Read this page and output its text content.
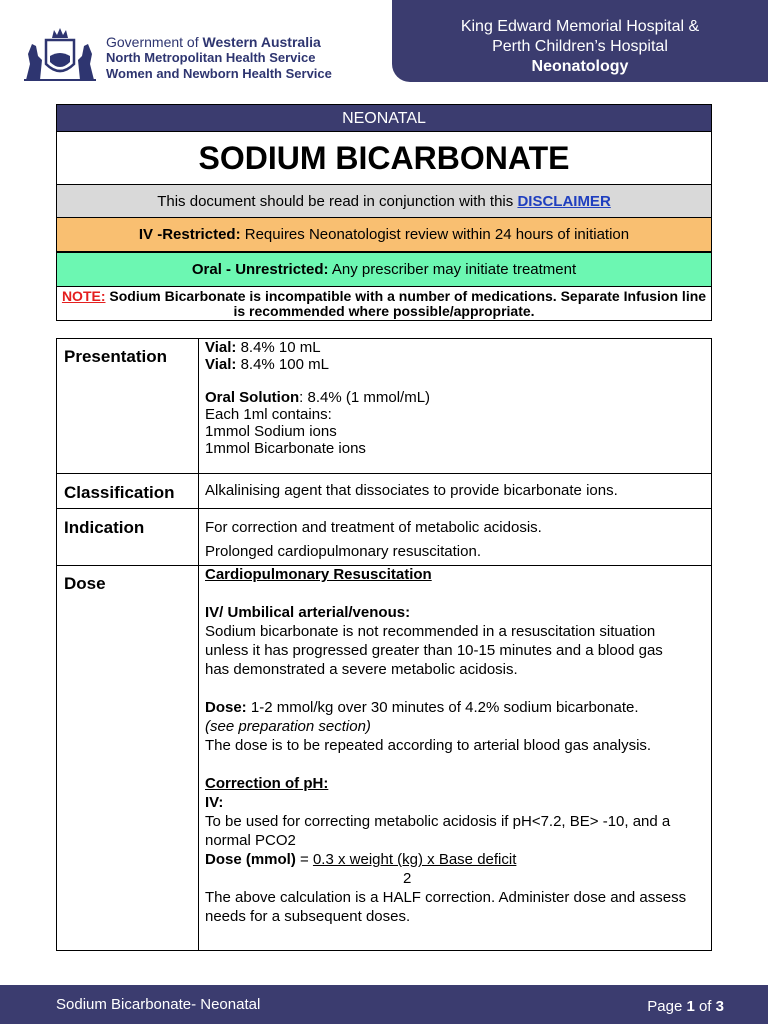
Government of Western Australia
North Metropolitan Health Service
Women and Newborn Health Service
King Edward Memorial Hospital &
Perth Children’s Hospital
Neonatology
NEONATAL
SODIUM BICARBONATE
This document should be read in conjunction with this DISCLAIMER
IV -Restricted: Requires Neonatologist review within 24 hours of initiation
Oral - Unrestricted: Any prescriber may initiate treatment
NOTE: Sodium Bicarbonate is incompatible with a number of medications. Separate Infusion line is recommended where possible/appropriate.
Presentation	Vial: 8.4% 10 mL
Vial: 8.4% 100 mL
Oral Solution: 8.4% (1 mmol/mL)
Each 1ml contains:
1mmol Sodium ions
1mmol Bicarbonate ions
Classification Alkalinising agent that dissociates to provide bicarbonate ions.
Indication	For correction and treatment of metabolic acidosis.
Prolonged cardiopulmonary resuscitation.
Dose	Cardiopulmonary Resuscitation
IV/ Umbilical arterial/venous:
Sodium bicarbonate is not recommended in a resuscitation situation
unless it has progressed greater than 10-15 minutes and a blood gas
has demonstrated a severe metabolic acidosis.
Dose: 1-2 mmol/kg over 30 minutes of 4.2% sodium bicarbonate.
(see preparation section)
The dose is to be repeated according to arterial blood gas analysis.
Correction of pH:
IV:
To be used for correcting metabolic acidosis if pH<7.2, BE> -10, and a
normal PCO2
Dose (mmol) = 0.3 x weight (kg) x Base deficit
2
The above calculation is a HALF correction. Administer dose and assess
needs for a subsequent doses.
Sodium Bicarbonate- Neonatal	Page 1 of 3
